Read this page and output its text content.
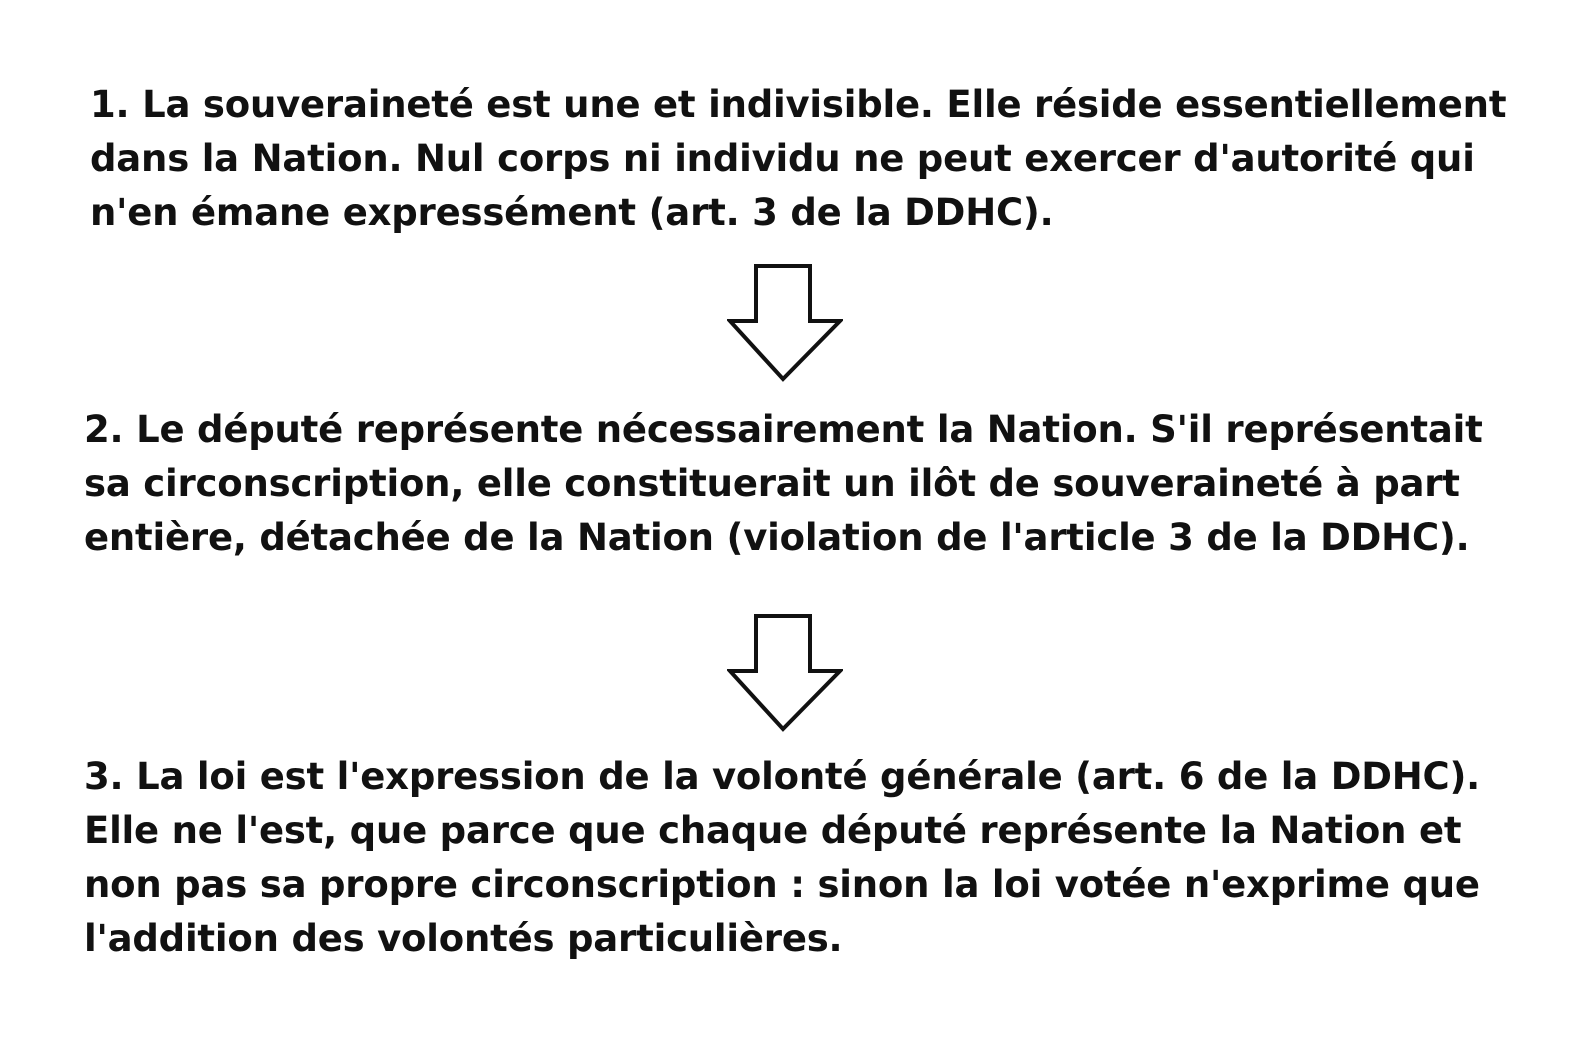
1. La souveraineté est une et indivisible. Elle réside essentiellement
dans la Nation. Nul corps ni individu ne peut exercer d'autorité qui
n'en émane expressément (art. 3 de la DDHC).
2. Le député représente nécessairement la Nation. S'il représentait
sa circonscription, elle constituerait un ilôt de souveraineté à part
entière, détachée de la Nation (violation de l'article 3 de la DDHC).
3. La loi est l'expression de la volonté générale (art. 6 de la DDHC).
Elle ne l'est, que parce que chaque député représente la Nation et
non pas sa propre circonscription : sinon la loi votée n'exprime que
l'addition des volontés particulières.
